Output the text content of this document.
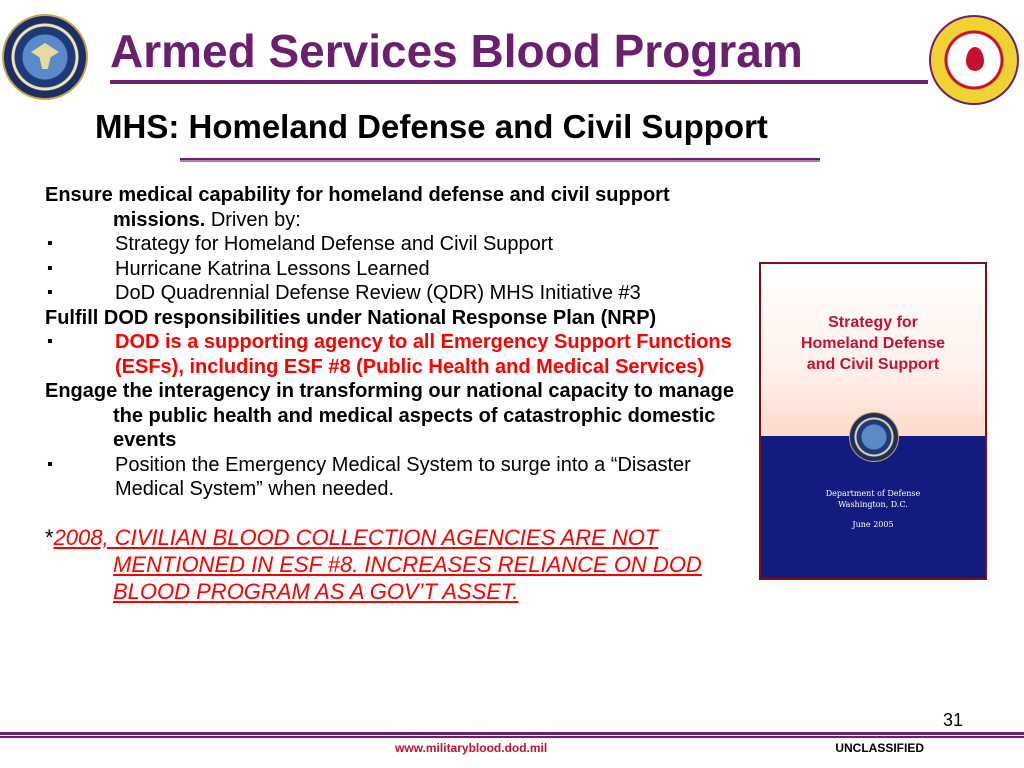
Armed Services Blood Program
MHS: Homeland Defense and Civil Support

Ensure medical capability for homeland defense and civil support missions. Driven by:

▪	Strategy for Homeland Defense and Civil Support
▪	Hurricane Katrina Lessons Learned
▪	DoD Quadrennial Defense Review (QDR) MHS Initiative #3

Fulfill DOD responsibilities under National Response Plan (NRP)

▪	DOD is a supporting agency to all Emergency Support Functions (ESFs), including ESF #8 (Public Health and Medical Services)

Engage the interagency in transforming our national capacity to manage the public health and medical aspects of catastrophic domestic events

▪	Position the Emergency Medical System to surge into a “Disaster Medical System” when needed.

*2008, CIVILIAN BLOOD COLLECTION AGENCIES ARE NOT MENTIONED IN ESF #8. INCREASES RELIANCE ON DOD BLOOD PROGRAM AS A GOV’T ASSET.

Strategy for
Homeland Defense
and Civil Support
Department of Defense
Washington, D.C.
June 2005
31
www.militaryblood.dod.mil	UNCLASSIFIED
